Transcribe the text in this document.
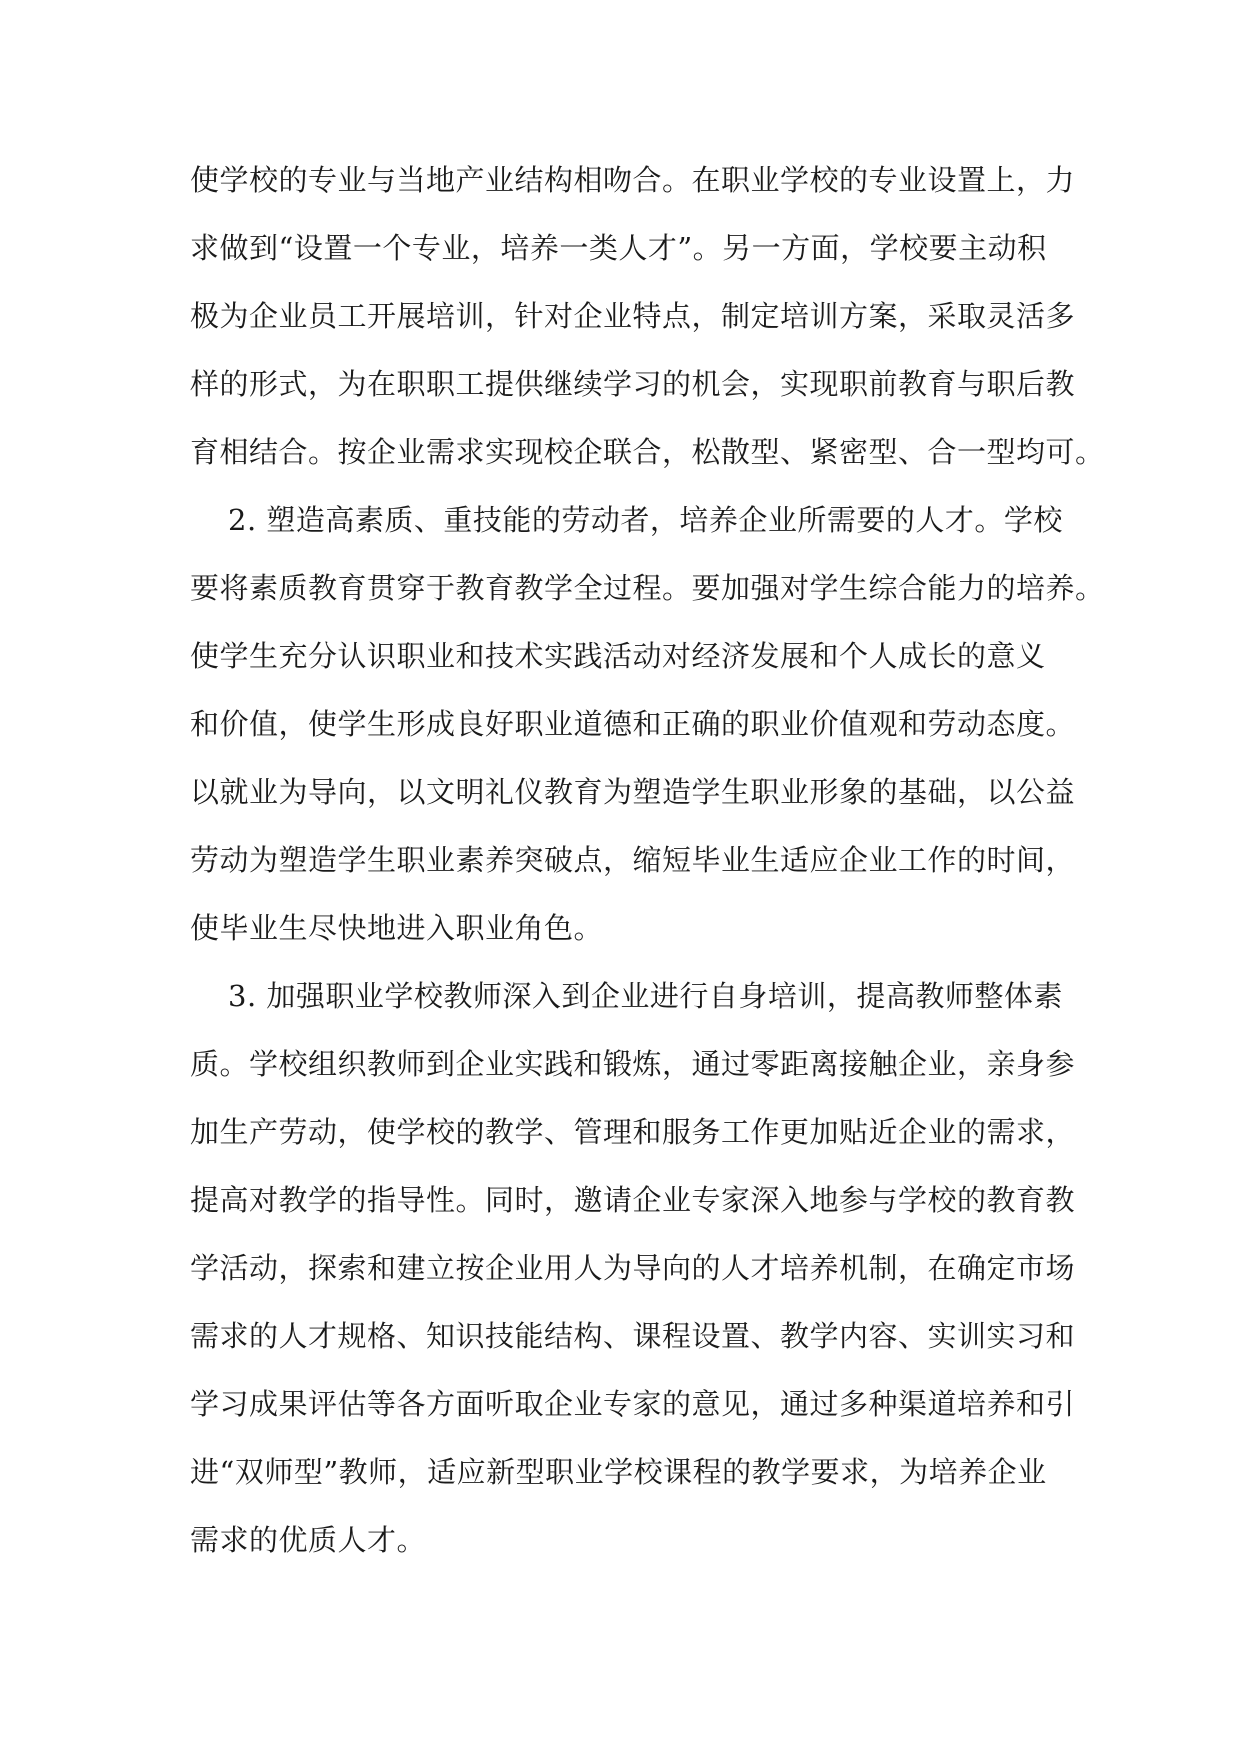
使学校的专业与当地产业结构相吻合。在职业学校的专业设置上，力
求做到“设置一个专业，培养一类人才”。另一方面，学校要主动积
极为企业员工开展培训，针对企业特点，制定培训方案，采取灵活多
样的形式，为在职职工提供继续学习的机会，实现职前教育与职后教
育相结合。按企业需求实现校企联合，松散型、紧密型、合一型均可。
2. 塑造高素质、重技能的劳动者，培养企业所需要的人才。学校
要将素质教育贯穿于教育教学全过程。要加强对学生综合能力的培养。
使学生充分认识职业和技术实践活动对经济发展和个人成长的意义
和价值，使学生形成良好职业道德和正确的职业价值观和劳动态度。
以就业为导向，以文明礼仪教育为塑造学生职业形象的基础，以公益
劳动为塑造学生职业素养突破点，缩短毕业生适应企业工作的时间，
使毕业生尽快地进入职业角色。
3. 加强职业学校教师深入到企业进行自身培训，提高教师整体素
质。学校组织教师到企业实践和锻炼，通过零距离接触企业，亲身参
加生产劳动，使学校的教学、管理和服务工作更加贴近企业的需求，
提高对教学的指导性。同时，邀请企业专家深入地参与学校的教育教
学活动，探索和建立按企业用人为导向的人才培养机制，在确定市场
需求的人才规格、知识技能结构、课程设置、教学内容、实训实习和
学习成果评估等各方面听取企业专家的意见，通过多种渠道培养和引
进“双师型”教师，适应新型职业学校课程的教学要求，为培养企业
需求的优质人才。
